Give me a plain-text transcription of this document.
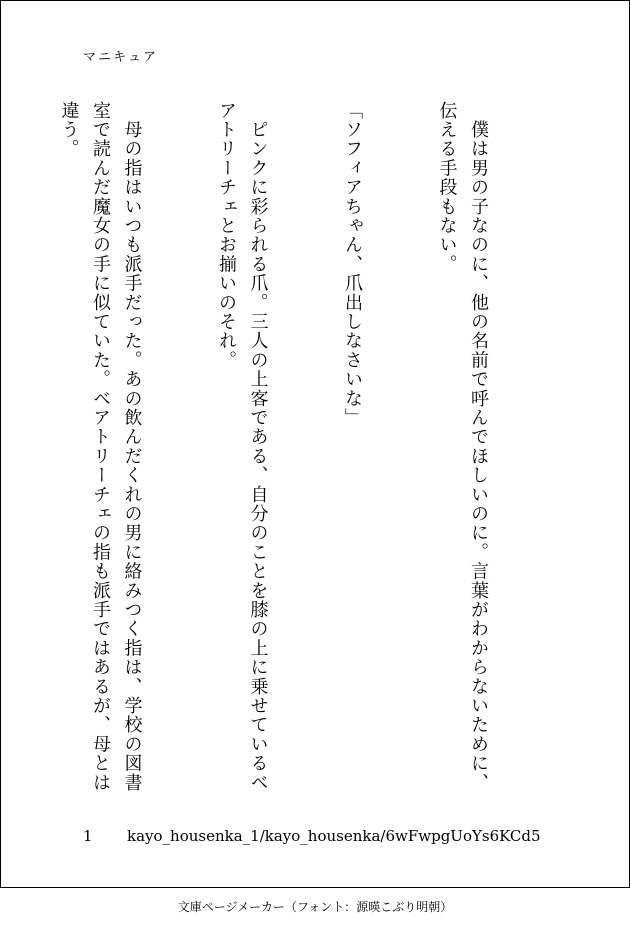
マニキュア

　僕は男の子なのに、他の名前で呼んでほしいのに。言葉がわからないために、伝える手段もない。

「ソフィアちゃん、爪出しなさいな」

　ピンクに彩られる爪。三人の上客である、自分のことを膝の上に乗せているベアトリーチェとお揃いのそれ。

　母の指はいつも派手だった。あの飲んだくれの男に絡みつく指は、学校の図書室で読んだ魔女の手に似ていた。ベアトリーチェの指も派手ではあるが、母とは違う。

1 kayo_housenka_1/kayo_housenka/6wFwpgUoYs6KCd5
文庫ページメーカー（フォント：源暎こぶり明朝）
